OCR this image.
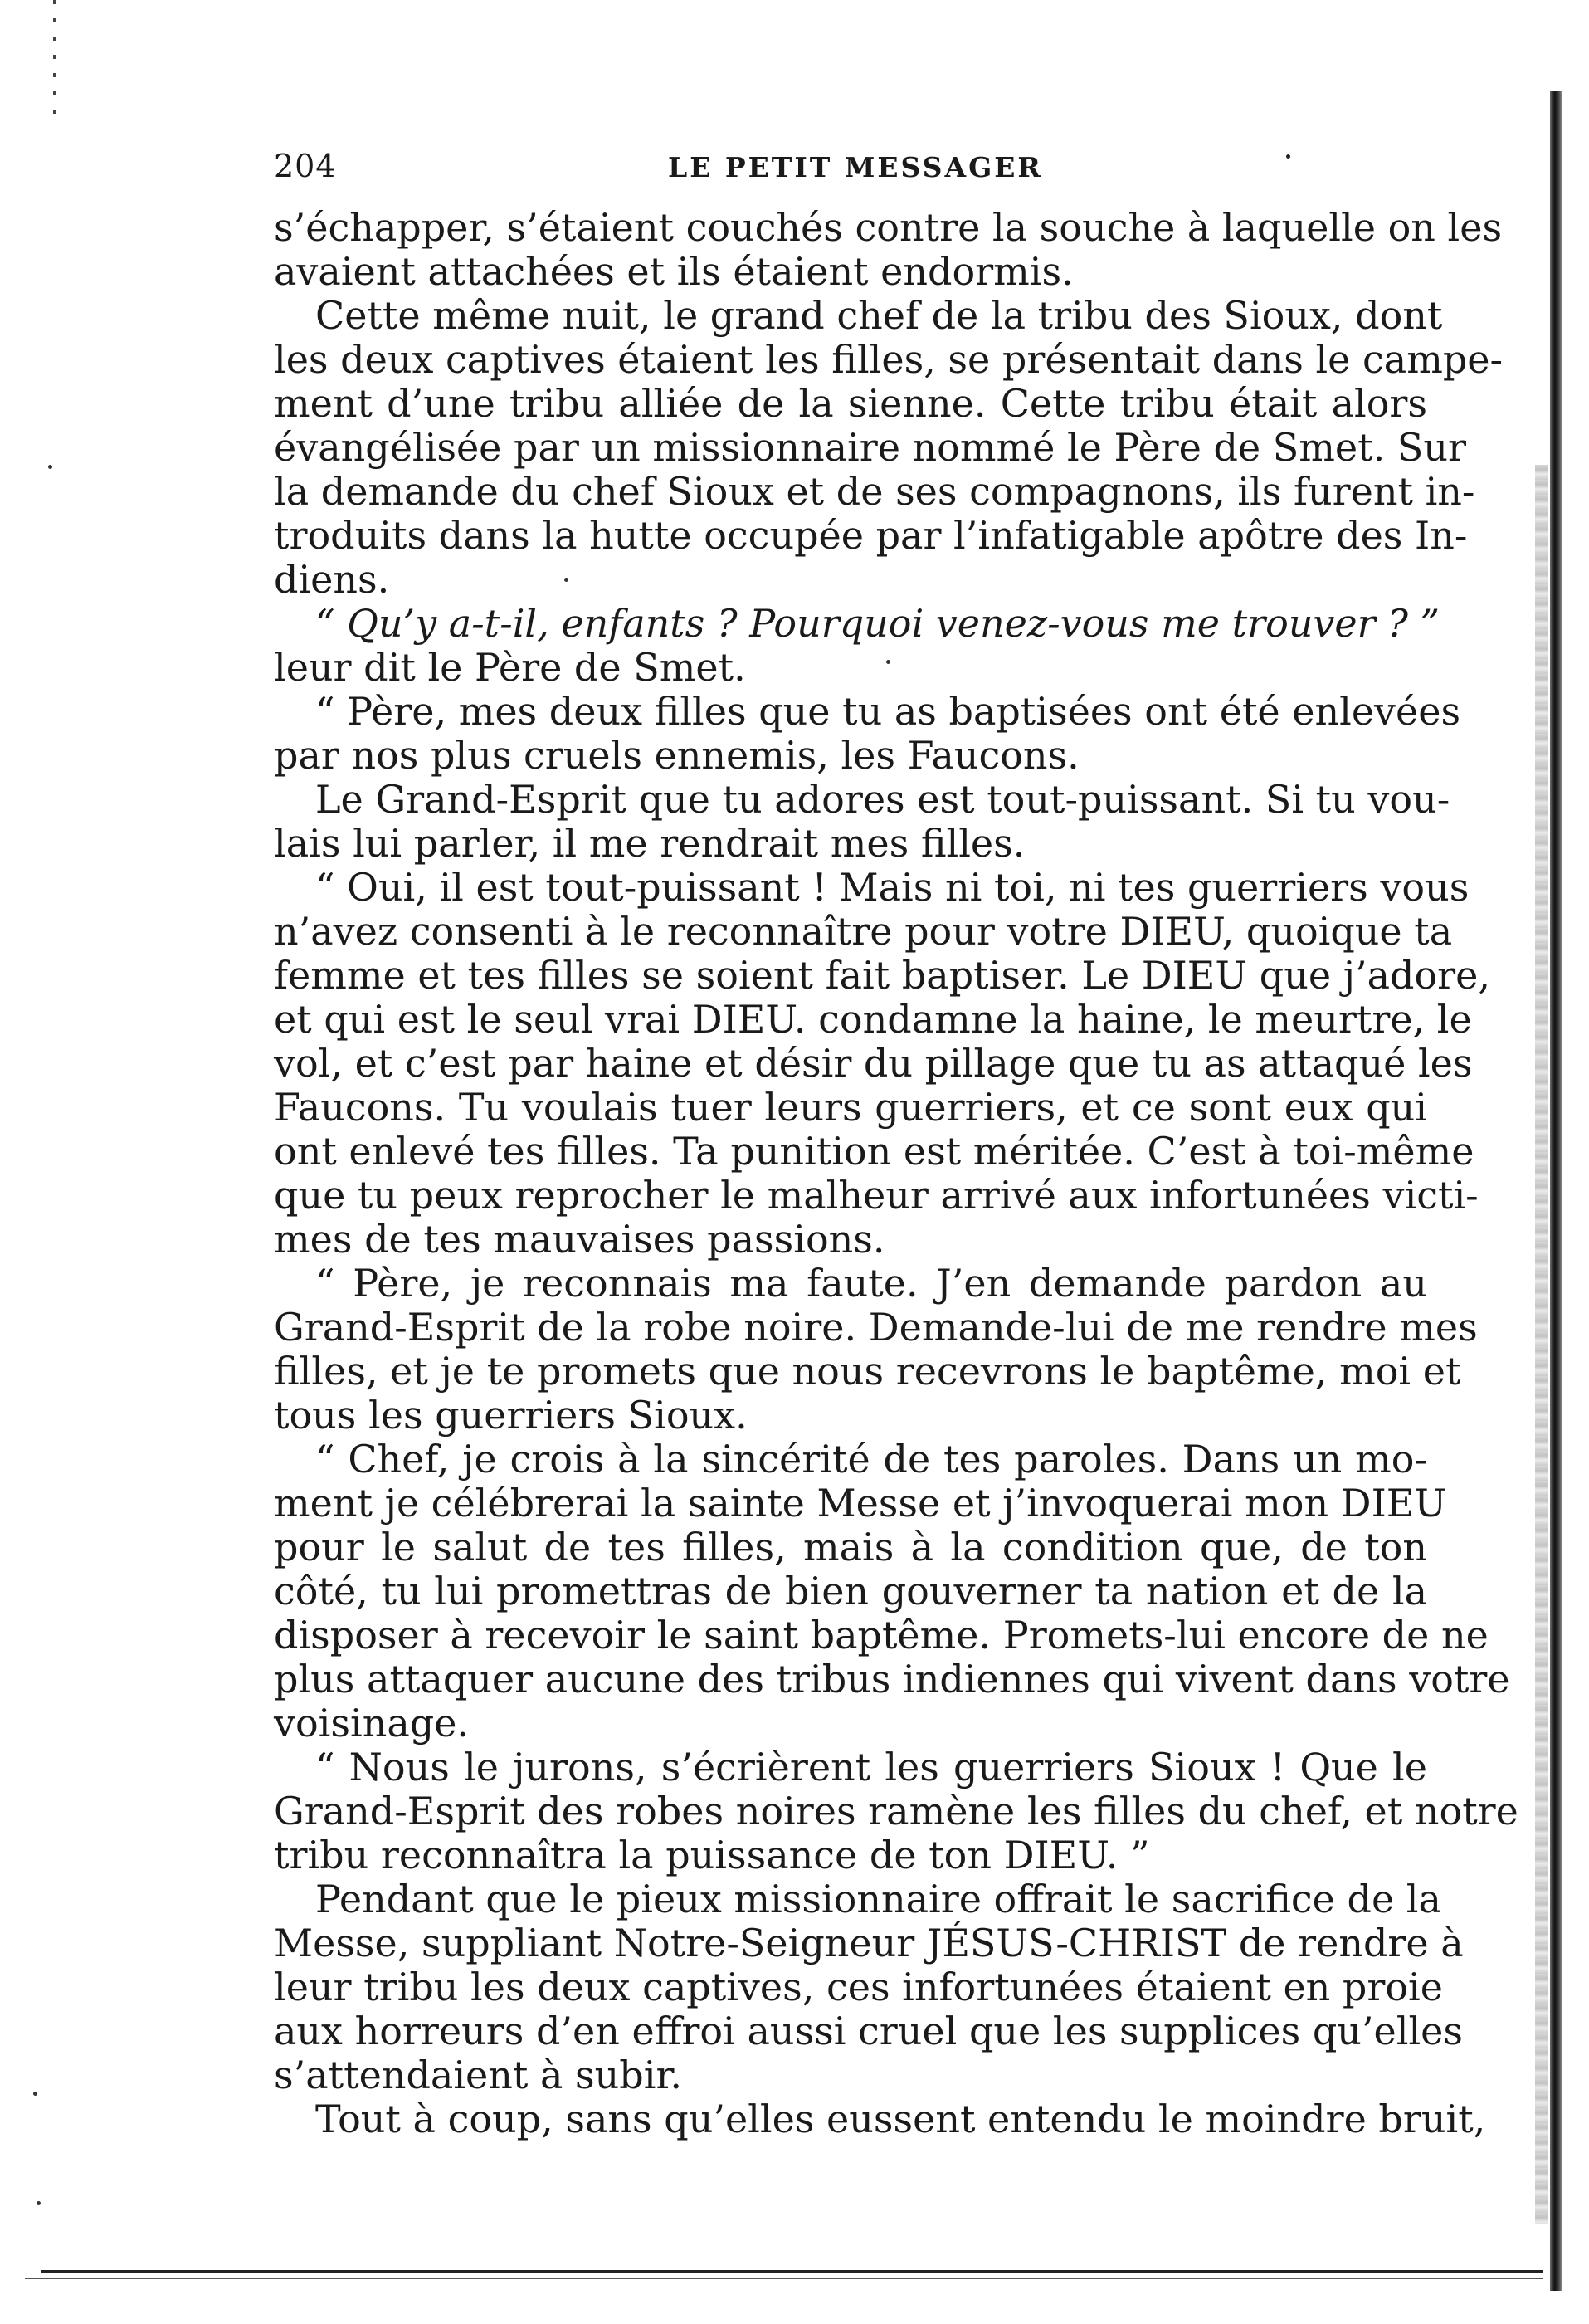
204	LE PETIT MESSAGER
s’échapper, s’étaient couchés contre la souche à laquelle on les
avaient attachées et ils étaient endormis.
Cette même nuit, le grand chef de la tribu des Sioux, dont
les deux captives étaient les filles, se présentait dans le campe-
ment d’une tribu alliée de la sienne. Cette tribu était alors
évangélisée par un missionnaire nommé le Père de Smet. Sur
la demande du chef Sioux et de ses compagnons, ils furent in-
troduits dans la hutte occupée par l’infatigable apôtre des In-
diens.
“ Qu’y a-t-il, enfants ? Pourquoi venez-vous me trouver ? ”
leur dit le Père de Smet.
“ Père, mes deux filles que tu as baptisées ont été enlevées
par nos plus cruels ennemis, les Faucons.
Le Grand-Esprit que tu adores est tout-puissant. Si tu vou-
lais lui parler, il me rendrait mes filles.
“ Oui, il est tout-puissant ! Mais ni toi, ni tes guerriers vous
n’avez consenti à le reconnaître pour votre DIEU, quoique ta
femme et tes filles se soient fait baptiser. Le DIEU que j’adore,
et qui est le seul vrai DIEU. condamne la haine, le meurtre, le
vol, et c’est par haine et désir du pillage que tu as attaqué les
Faucons. Tu voulais tuer leurs guerriers, et ce sont eux qui
ont enlevé tes filles. Ta punition est méritée. C’est à toi-même
que tu peux reprocher le malheur arrivé aux infortunées victi-
mes de tes mauvaises passions.
“ Père, je reconnais ma faute. J’en demande pardon au
Grand-Esprit de la robe noire. Demande-lui de me rendre mes
filles, et je te promets que nous recevrons le baptême, moi et
tous les guerriers Sioux.
“ Chef, je crois à la sincérité de tes paroles. Dans un mo-
ment je célébrerai la sainte Messe et j’invoquerai mon DIEU
pour le salut de tes filles, mais à la condition que, de ton
côté, tu lui promettras de bien gouverner ta nation et de la
disposer à recevoir le saint baptême. Promets-lui encore de ne
plus attaquer aucune des tribus indiennes qui vivent dans votre
voisinage.
“ Nous le jurons, s’écrièrent les guerriers Sioux ! Que le
Grand-Esprit des robes noires ramène les filles du chef, et notre
tribu reconnaîtra la puissance de ton DIEU. ”
Pendant que le pieux missionnaire offrait le sacrifice de la
Messe, suppliant Notre-Seigneur JÉSUS-CHRIST de rendre à
leur tribu les deux captives, ces infortunées étaient en proie
aux horreurs d’en effroi aussi cruel que les supplices qu’elles
s’attendaient à subir.
Tout à coup, sans qu’elles eussent entendu le moindre bruit,
